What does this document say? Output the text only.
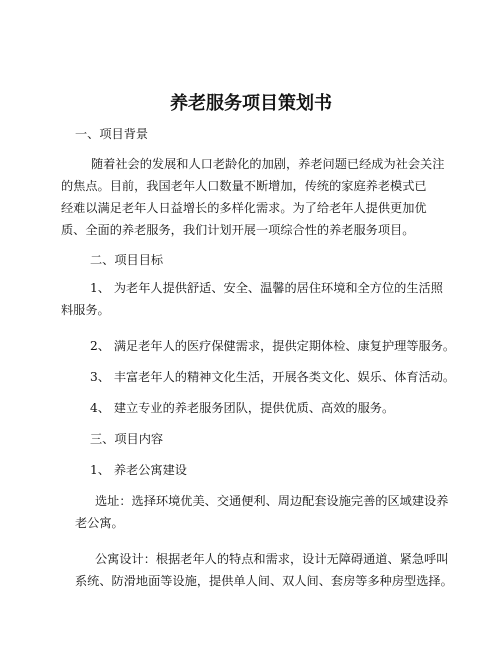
养老服务项目策划书
一、项目背景
随着社会的发展和人口老龄化的加剧，养老问题已经成为社会关注
的焦点。目前，我国老年人口数量不断增加，传统的家庭养老模式已
经难以满足老年人日益增长的多样化需求。为了给老年人提供更加优
质、全面的养老服务，我们计划开展一项综合性的养老服务项目。
二、项目目标
1、 为老年人提供舒适、安全、温馨的居住环境和全方位的生活照
料服务。
2、 满足老年人的医疗保健需求，提供定期体检、康复护理等服务。
3、 丰富老年人的精神文化生活，开展各类文化、娱乐、体育活动。
4、 建立专业的养老服务团队，提供优质、高效的服务。
三、项目内容
1、 养老公寓建设
选址：选择环境优美、交通便利、周边配套设施完善的区域建设养
老公寓。
公寓设计：根据老年人的特点和需求，设计无障碍通道、紧急呼叫
系统、防滑地面等设施，提供单人间、双人间、套房等多种房型选择。
